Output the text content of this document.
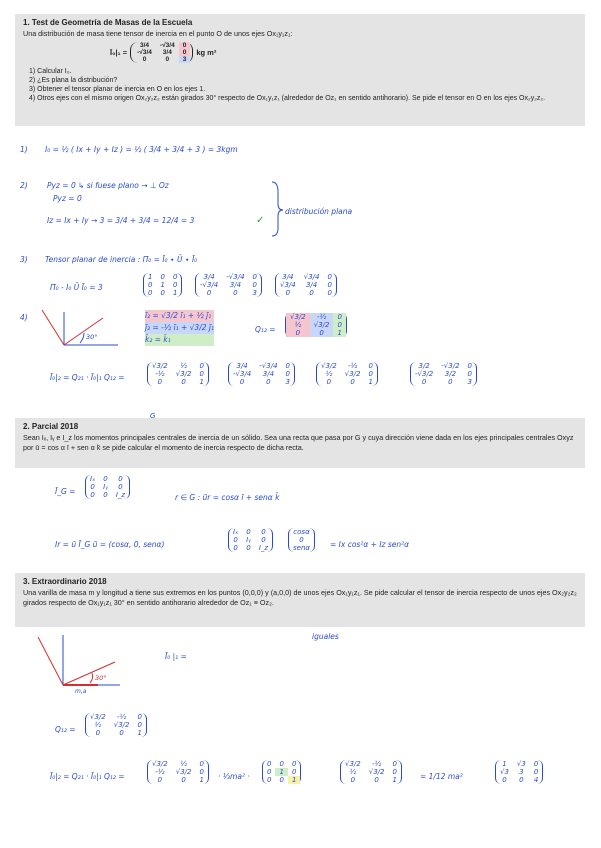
1. Test de Geometría de Masas de la Escuela

Una distribución de masa tiene tensor de inercia en el punto O de unos ejes Ox₁y₁z₁:

1) Calcular I₀.
2) ¿Es plana la distribución?
3) Obtener el tensor planar de inercia en O en los ejes 1.
4) Otros ejes con el mismo origen Ox₂y₂z₂ están girados 30° respecto de Ox₁y₁z₁ (alrededor de Oz₁ en sentido antihorario). Se pide el tensor en O en los ejes Ox₂y₂z₂.
Ī₀|₁ =
3/4	-√3/4	0
-√3/4	3/4	0
0	0	3
kg m²
1) I₀ = ½ ( Ix + Iy + Iz ) = ½ ( 3/4 + 3/4 + 3 ) = 3kgm
2)	Pyz = 0 ↳ si fuese plano → ⊥ Oz
Pyz = 0
Iz = Ix + Iy → 3 = 3/4 + 3/4 = 12/4 = 3	✓
distribución plana
3) Tensor planar de inercia : Π̄₀ = Ī₀ ∙ Ū ∙ Ī₀
Π̄₀ - I₀ Ū Ī₀ = 3
1	0	0
0	1	0
0	0	1
3/4	-√3/4	0
-√3/4	3/4	0
0	0	3
3/4	√3/4	0
√3/4	3/4	0
0	0	0
4)
30°
ī₂ = √3/2 ī₁ + ½ j̄₁
j̄₂ = -½ ī₁ + √3/2 j̄₁
k̄₂ = k̄₁
Q₁₂ =
√3/2	-½	0
½	√3/2	0
0	0	1
Ī₀|₂ = Q₂₁ · Ī₀|₁ Q₁₂ =
√3/2	½	0
-½	√3/2	0
0	0	1
3/4	-√3/4	0
-√3/4	3/4	0
0	0	3
√3/2	-½	0
½	√3/2	0
0	0	1
3/2	-√3/2	0
-√3/2	3/2	0
0	0	3
2. Parcial 2018

Sean Iₓ, Iᵧ e I_z los momentos principales centrales de inercia de un sólido. Sea una recta que pasa por G y cuya dirección viene dada en los ejes principales centrales Oxyz por ū = cos α ī + sen α k̄ se pide calcular el momento de inercia respecto de dicha recta.

G
Ī_G =
Iₓ	0	0
0	Iᵧ	0
0	0	I_z	r ∈ G : ūr = cosα ī + senα k̄
Ir = ū Ī_G ū = (cosα, 0, senα)
Iₓ	0	0
0	Iᵧ	0
0	0	I_z
cosα
0
senα	= Ix cos²α + Iz sen²α
3. Extraordinario 2018

Una varilla de masa m y longitud a tiene sus extremos en los puntos (0,0,0) y (a,0,0) de unos ejes Ox₁y₁z₁. Se pide calcular el tensor de inercia respecto de unos ejes Ox₂y₂z₂ girados respecto de Ox₁y₁z₁ 30° en sentido antihorario alrededor de Oz₁ ≡ Oz₂.

30°
m,a
iguales
Ī₀ |₁ =
Q₁₂ =
√3/2	-½	0
½	√3/2	0
0	0	1
Ī₀|₂ = Q₂₁ · Ī₀|₁ Q₁₂ =
√3/2	½	0
-½	√3/2	0
0	0	1 · ⅓ma² ·
0	0	0
0	1	0
0	0	1
√3/2	-½	0
½	√3/2	0
0	0	1	= 1/12 ma²
1	√3	0
√3	3	0
0	0	4
